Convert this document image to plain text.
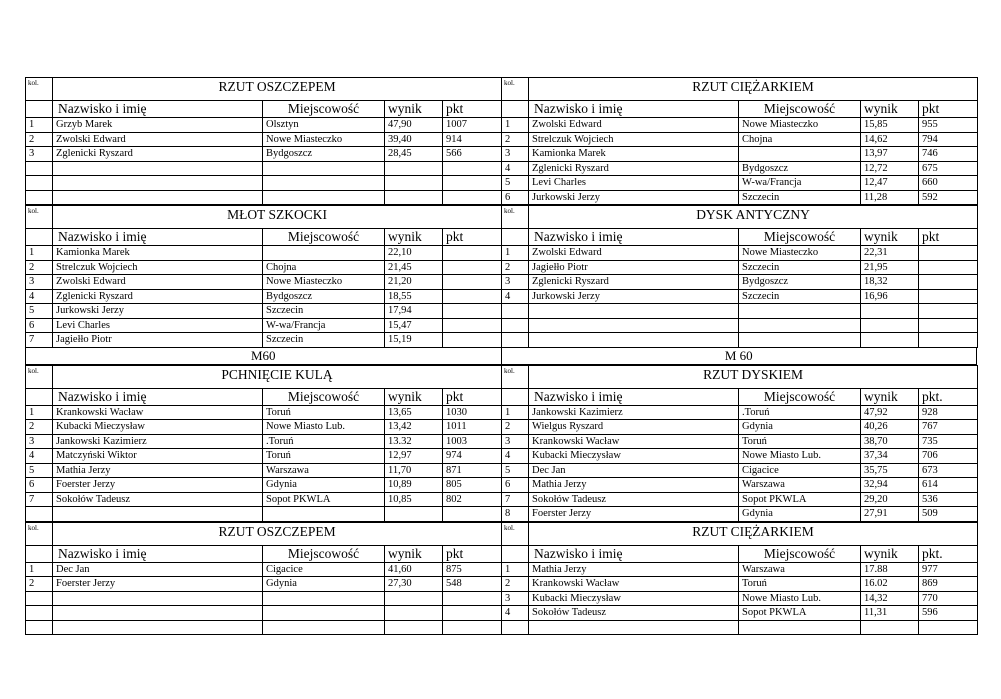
kol.	RZUT OSZCZEPEM			
	Nazwisko i imię	Miejscowość	wynik	pkt
1	Grzyb Marek	Olsztyn	47,90	1007
2	Zwolski Edward	Nowe Miasteczko	39,40	914
3	Zglenicki Ryszard	Bydgoszcz	28,45	566

kol.	RZUT CIĘŻARKIEM			
	Nazwisko i imię	Miejscowość	wynik	pkt
1	Zwolski Edward	Nowe Miasteczko	15,85	955
2	Strelczuk Wojciech	Chojna	14,62	794
3	Kamionka Marek		13,97	746
4	Zglenicki Ryszard	Bydgoszcz	12,72	675
5	Levi Charles	W-wa/Francja	12,47	660
6	Jurkowski Jerzy	Szczecin	11,28	592
kol.	MŁOT SZKOCKI			
	Nazwisko i imię	Miejscowość	wynik	pkt
1	Kamionka Marek		22,10	
2	Strelczuk Wojciech	Chojna	21,45	
3	Zwolski Edward	Nowe Miasteczko	21,20	
4	Zglenicki Ryszard	Bydgoszcz	18,55	
5	Jurkowski Jerzy	Szczecin	17,94	
6	Levi Charles	W-wa/Francja	15,47	
7	Jagiełło Piotr	Szczecin	15,19	
kol.	DYSK ANTYCZNY			
	Nazwisko i imię	Miejscowość	wynik	pkt
1	Zwolski Edward	Nowe Miasteczko	22,31	
2	Jagiełło Piotr	Szczecin	21,95	
3	Zglenicki Ryszard	Bydgoszcz	18,32	
4	Jurkowski Jerzy	Szczecin	16,96	

M60	M 60
kol.	PCHNIĘCIE KULĄ			
	Nazwisko i imię	Miejscowość	wynik	pkt
1	Krankowski Wacław	Toruń	13,65	1030
2	Kubacki Mieczysław	Nowe Miasto Lub.	13,42	1011
3	Jankowski Kazimierz	.Toruń	13.32	1003
4	Matczyński Wiktor	Toruń	12,97	974
5	Mathia Jerzy	Warszawa	11,70	871
6	Foerster Jerzy	Gdynia	10,89	805
7	Sokołów Tadeusz	Sopot PKWLA	10,85	802

kol.	RZUT DYSKIEM			
	Nazwisko i imię	Miejscowość	wynik	pkt.
1	Jankowski Kazimierz	.Toruń	47,92	928
2	Wielgus Ryszard	Gdynia	40,26	767
3	Krankowski Wacław	Toruń	38,70	735
4	Kubacki Mieczysław	Nowe Miasto Lub.	37,34	706
5	Dec Jan	Cigacice	35,75	673
6	Mathia Jerzy	Warszawa	32,94	614
7	Sokołów Tadeusz	Sopot PKWLA	29,20	536
8	Foerster Jerzy	Gdynia	27,91	509
kol.	RZUT OSZCZEPEM			
	Nazwisko i imię	Miejscowość	wynik	pkt
1	Dec Jan	Cigacice	41,60	875
2	Foerster Jerzy	Gdynia	27,30	548

kol.	RZUT CIĘŻARKIEM			
	Nazwisko i imię	Miejscowość	wynik	pkt.
1	Mathia Jerzy	Warszawa	17.88	977
2	Krankowski Wacław	Toruń	16.02	869
3	Kubacki Mieczysław	Nowe Miasto Lub.	14,32	770
4	Sokołów Tadeusz	Sopot PKWLA	11,31	596
